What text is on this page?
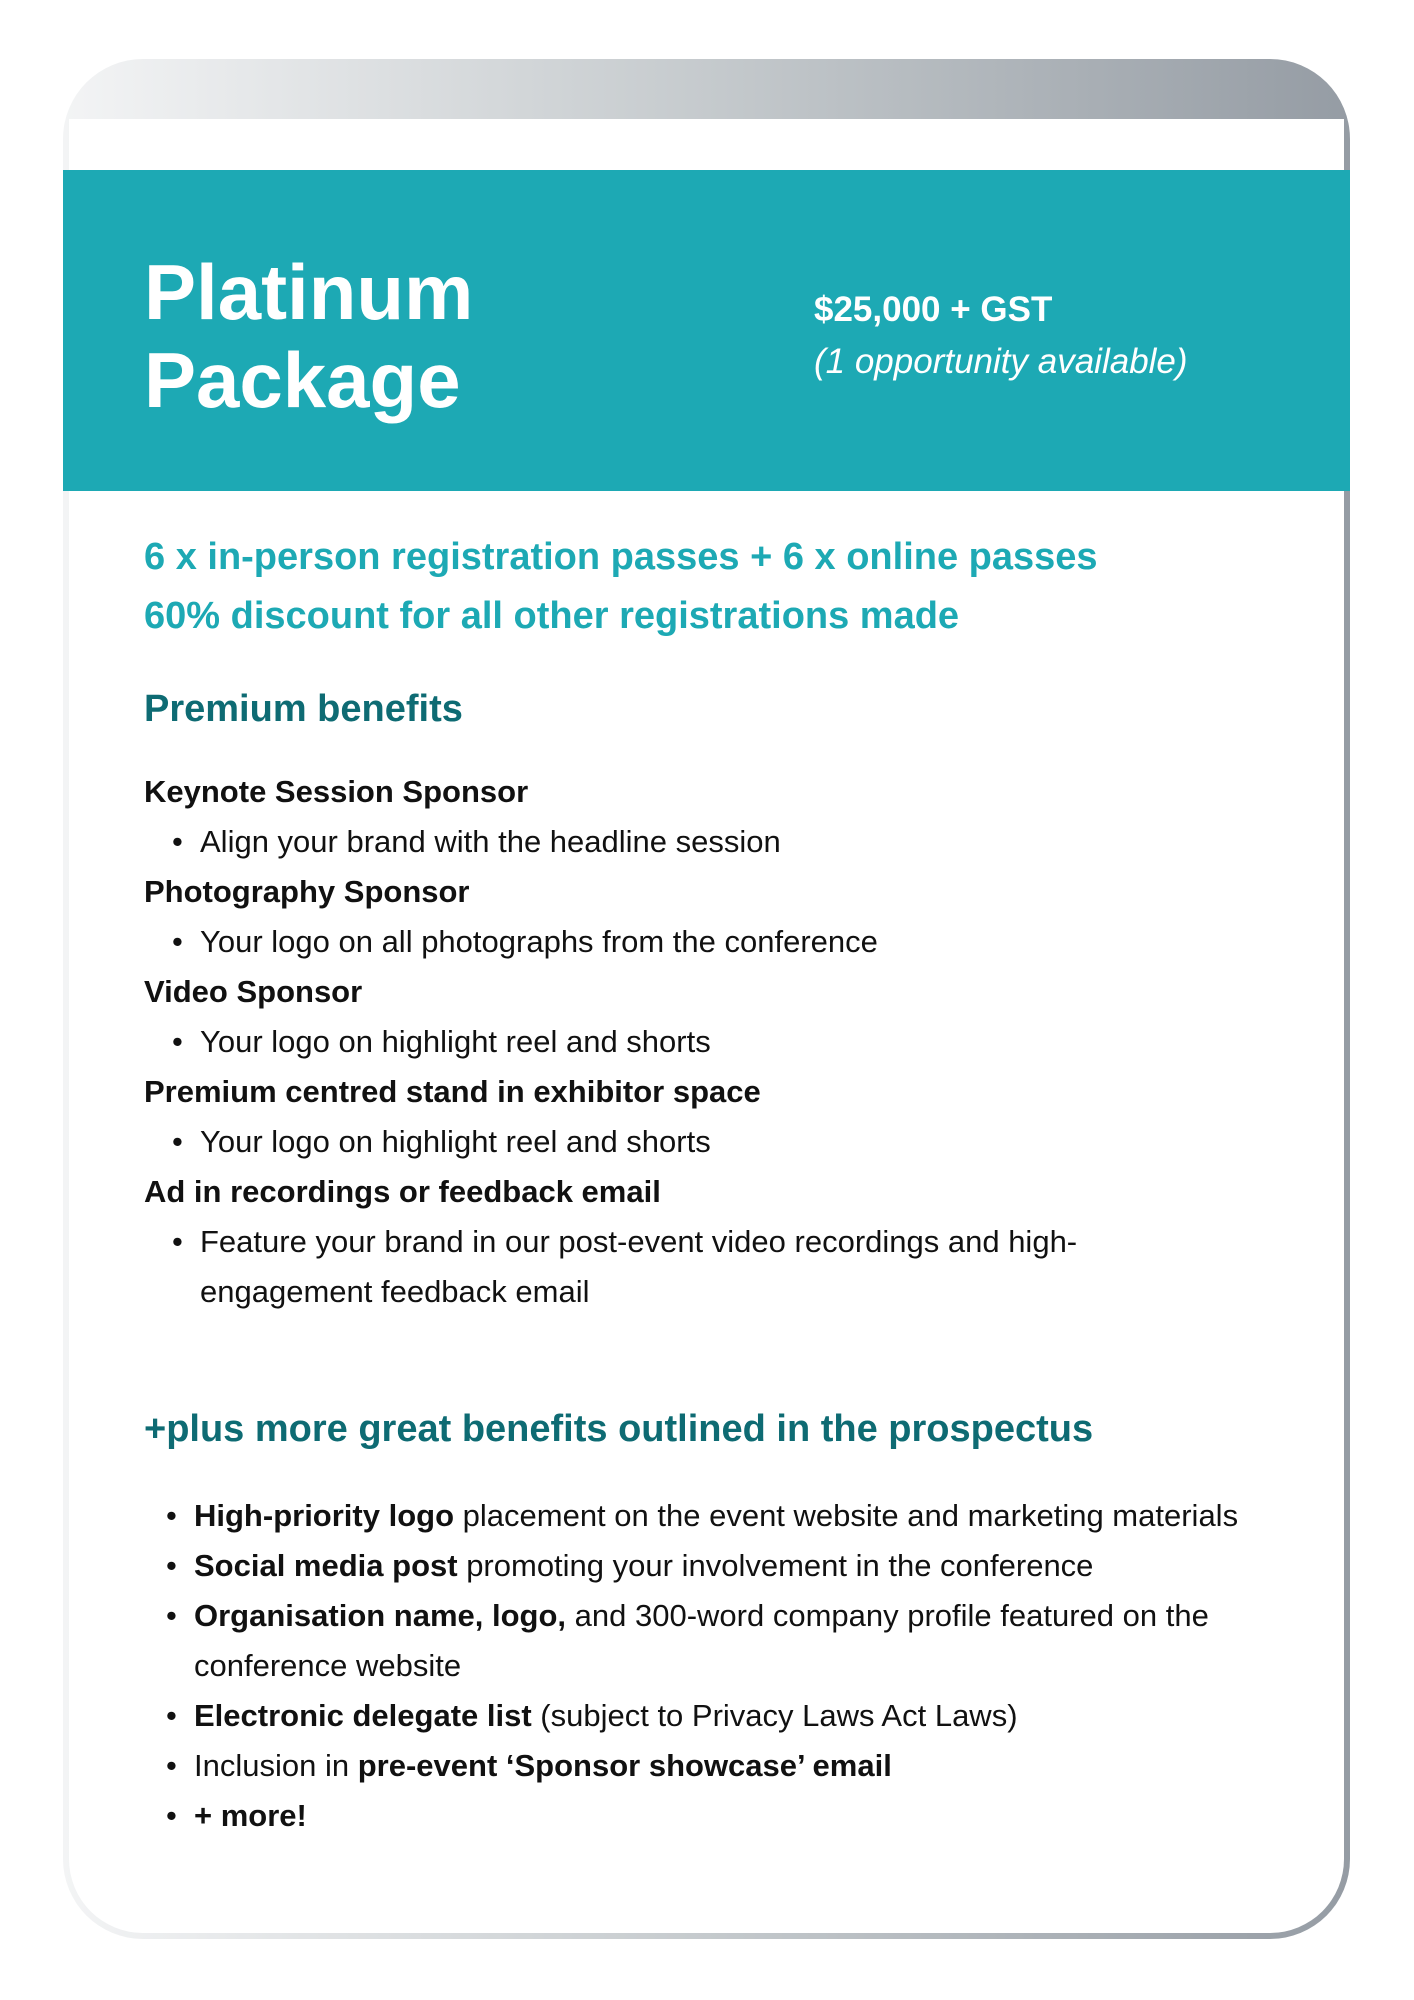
Platinum
Package
$25,000 + GST
(1 opportunity available)
6 x in-person registration passes + 6 x online passes
60% discount for all other registrations made
Premium benefits
Keynote Session Sponsor
• Align your brand with the headline session
Photography Sponsor
• Your logo on all photographs from the conference
Video Sponsor
• Your logo on highlight reel and shorts
Premium centred stand in exhibitor space
• Your logo on highlight reel and shorts
Ad in recordings or feedback email
• Feature your brand in our post-event video recordings and high-engagement feedback email
+plus more great benefits outlined in the prospectus
• High-priority logo placement on the event website and marketing materials
• Social media post promoting your involvement in the conference
• Organisation name, logo, and 300-word company profile featured on the conference website
• Electronic delegate list (subject to Privacy Laws Act Laws)
• Inclusion in pre-event ‘Sponsor showcase’ email
• + more!
